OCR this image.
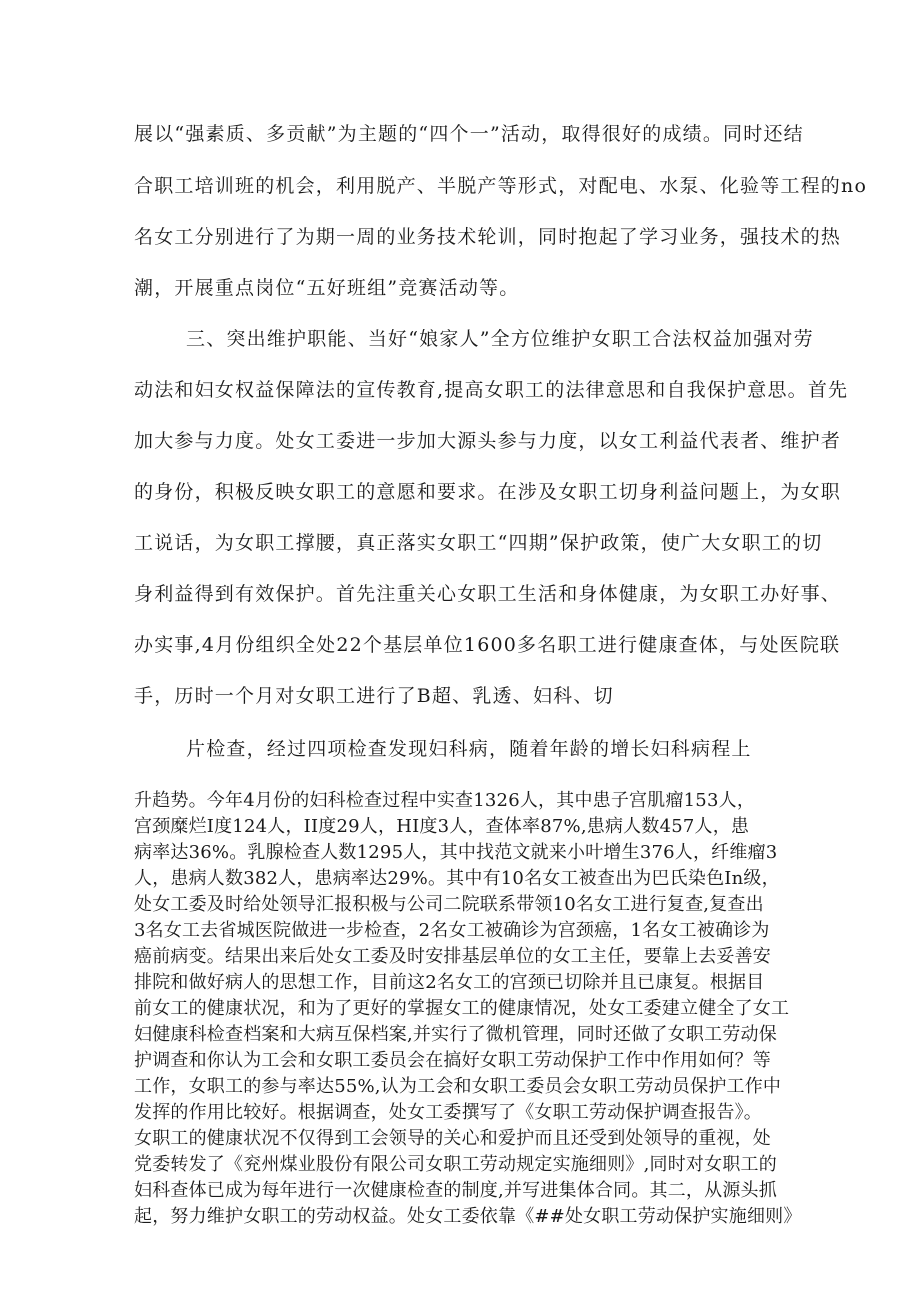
展以“强素质、多贡献”为主题的“四个一”活动，取得很好的成绩。同时还结
合职工培训班的机会，利用脱产、半脱产等形式，对配电、水泵、化验等工程的no
名女工分别进行了为期一周的业务技术轮训，同时抱起了学习业务，强技术的热
潮，开展重点岗位“五好班组”竞赛活动等。
三、突出维护职能、当好“娘家人”全方位维护女职工合法权益加强对劳
动法和妇女权益保障法的宣传教育,提高女职工的法律意思和自我保护意思。首先
加大参与力度。处女工委进一步加大源头参与力度，以女工利益代表者、维护者
的身份，积极反映女职工的意愿和要求。在涉及女职工切身利益问题上，为女职
工说话，为女职工撑腰，真正落实女职工“四期”保护政策，使广大女职工的切
身利益得到有效保护。首先注重关心女职工生活和身体健康，为女职工办好事、
办实事,4月份组织全处22个基层单位1600多名职工进行健康查体，与处医院联
手，历时一个月对女职工进行了B超、乳透、妇科、切
片检查，经过四项检查发现妇科病，随着年龄的增长妇科病程上
升趋势。今年4月份的妇科检查过程中实查1326人，其中患子宫肌瘤153人，
宫颈糜烂I度124人，II度29人，HI度3人，查体率87%,患病人数457人，患
病率达36%。乳腺检查人数1295人，其中找范文就来小叶增生376人，纤维瘤3
人，患病人数382人，患病率达29%。其中有10名女工被查出为巴氏染色In级，
处女工委及时给处领导汇报积极与公司二院联系带领10名女工进行复查,复查出
3名女工去省城医院做进一步检查，2名女工被确诊为宫颈癌，1名女工被确诊为
癌前病变。结果出来后处女工委及时安排基层单位的女工主任，要靠上去妥善安
排院和做好病人的思想工作，目前这2名女工的宫颈已切除并且已康复。根据目
前女工的健康状况，和为了更好的掌握女工的健康情况，处女工委建立健全了女工
妇健康科检查档案和大病互保档案,并实行了微机管理，同时还做了女职工劳动保
护调查和你认为工会和女职工委员会在搞好女职工劳动保护工作中作用如何？等
工作，女职工的参与率达55%,认为工会和女职工委员会女职工劳动员保护工作中
发挥的作用比较好。根据调查，处女工委撰写了《女职工劳动保护调查报告》。
女职工的健康状况不仅得到工会领导的关心和爱护而且还受到处领导的重视，处
党委转发了《兖州煤业股份有限公司女职工劳动规定实施细则》,同时对女职工的
妇科查体已成为每年进行一次健康检查的制度,并写进集体合同。其二，从源头抓
起，努力维护女职工的劳动权益。处女工委依靠《##处女职工劳动保护实施细则》
